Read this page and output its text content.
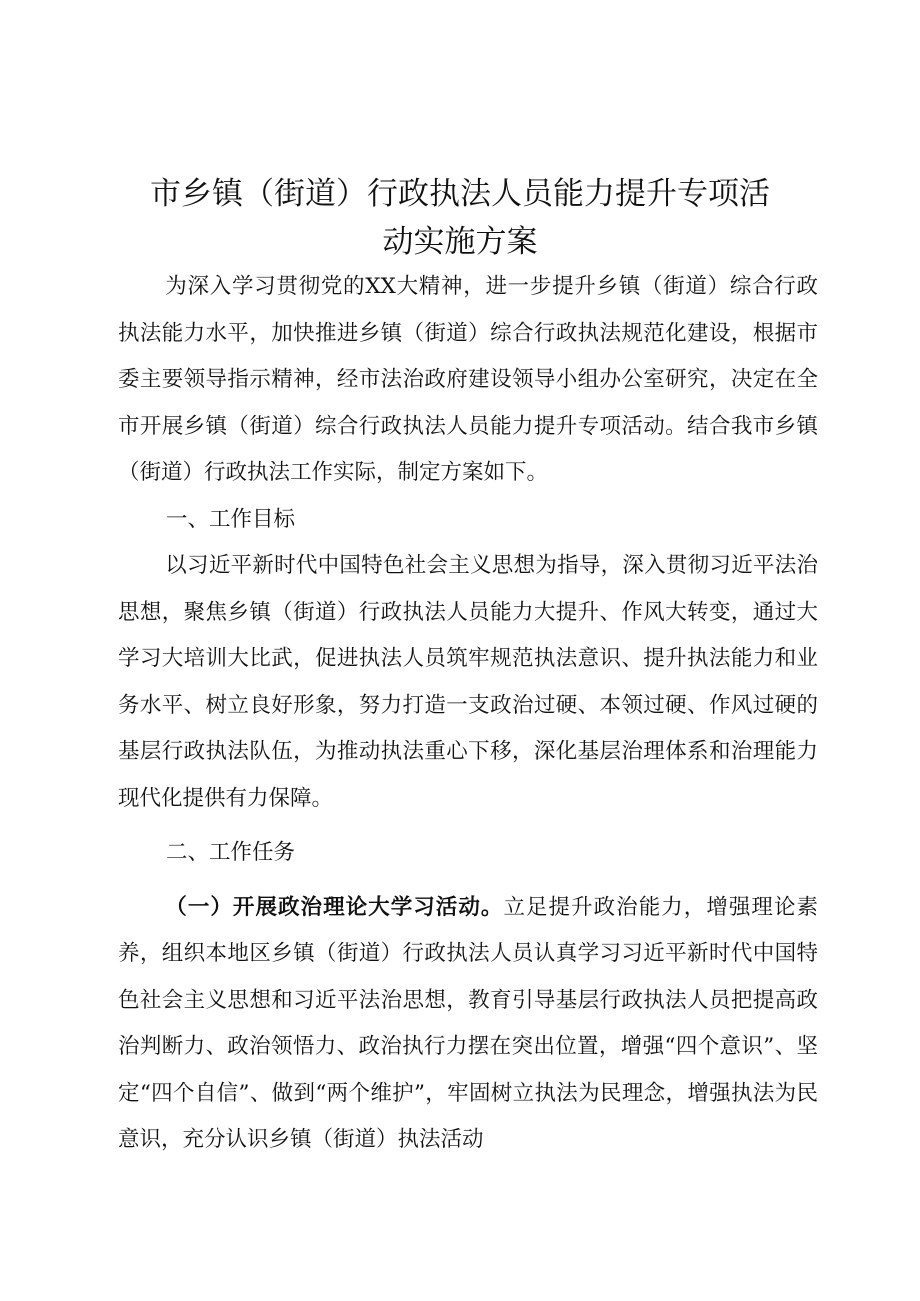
市乡镇（街道）行政执法人员能力提升专项活
动实施方案

为深入学习贯彻党的XX大精神，进一步提升乡镇（街道）综合行政执法能力水平，加快推进乡镇（街道）综合行政执法规范化建设，根据市委主要领导指示精神，经市法治政府建设领导小组办公室研究，决定在全市开展乡镇（街道）综合行政执法人员能力提升专项活动。结合我市乡镇（街道）行政执法工作实际，制定方案如下。

一、工作目标

以习近平新时代中国特色社会主义思想为指导，深入贯彻习近平法治思想，聚焦乡镇（街道）行政执法人员能力大提升、作风大转变，通过大学习大培训大比武，促进执法人员筑牢规范执法意识、提升执法能力和业务水平、树立良好形象，努力打造一支政治过硬、本领过硬、作风过硬的基层行政执法队伍，为推动执法重心下移，深化基层治理体系和治理能力现代化提供有力保障。

二、工作任务

（一）开展政治理论大学习活动。立足提升政治能力，增强理论素养，组织本地区乡镇（街道）行政执法人员认真学习习近平新时代中国特色社会主义思想和习近平法治思想，教育引导基层行政执法人员把提高政治判断力、政治领悟力、政治执行力摆在突出位置，增强“四个意识”、坚定“四个自信”、做到“两个维护”，牢固树立执法为民理念，增强执法为民意识，充分认识乡镇（街道）执法活动
